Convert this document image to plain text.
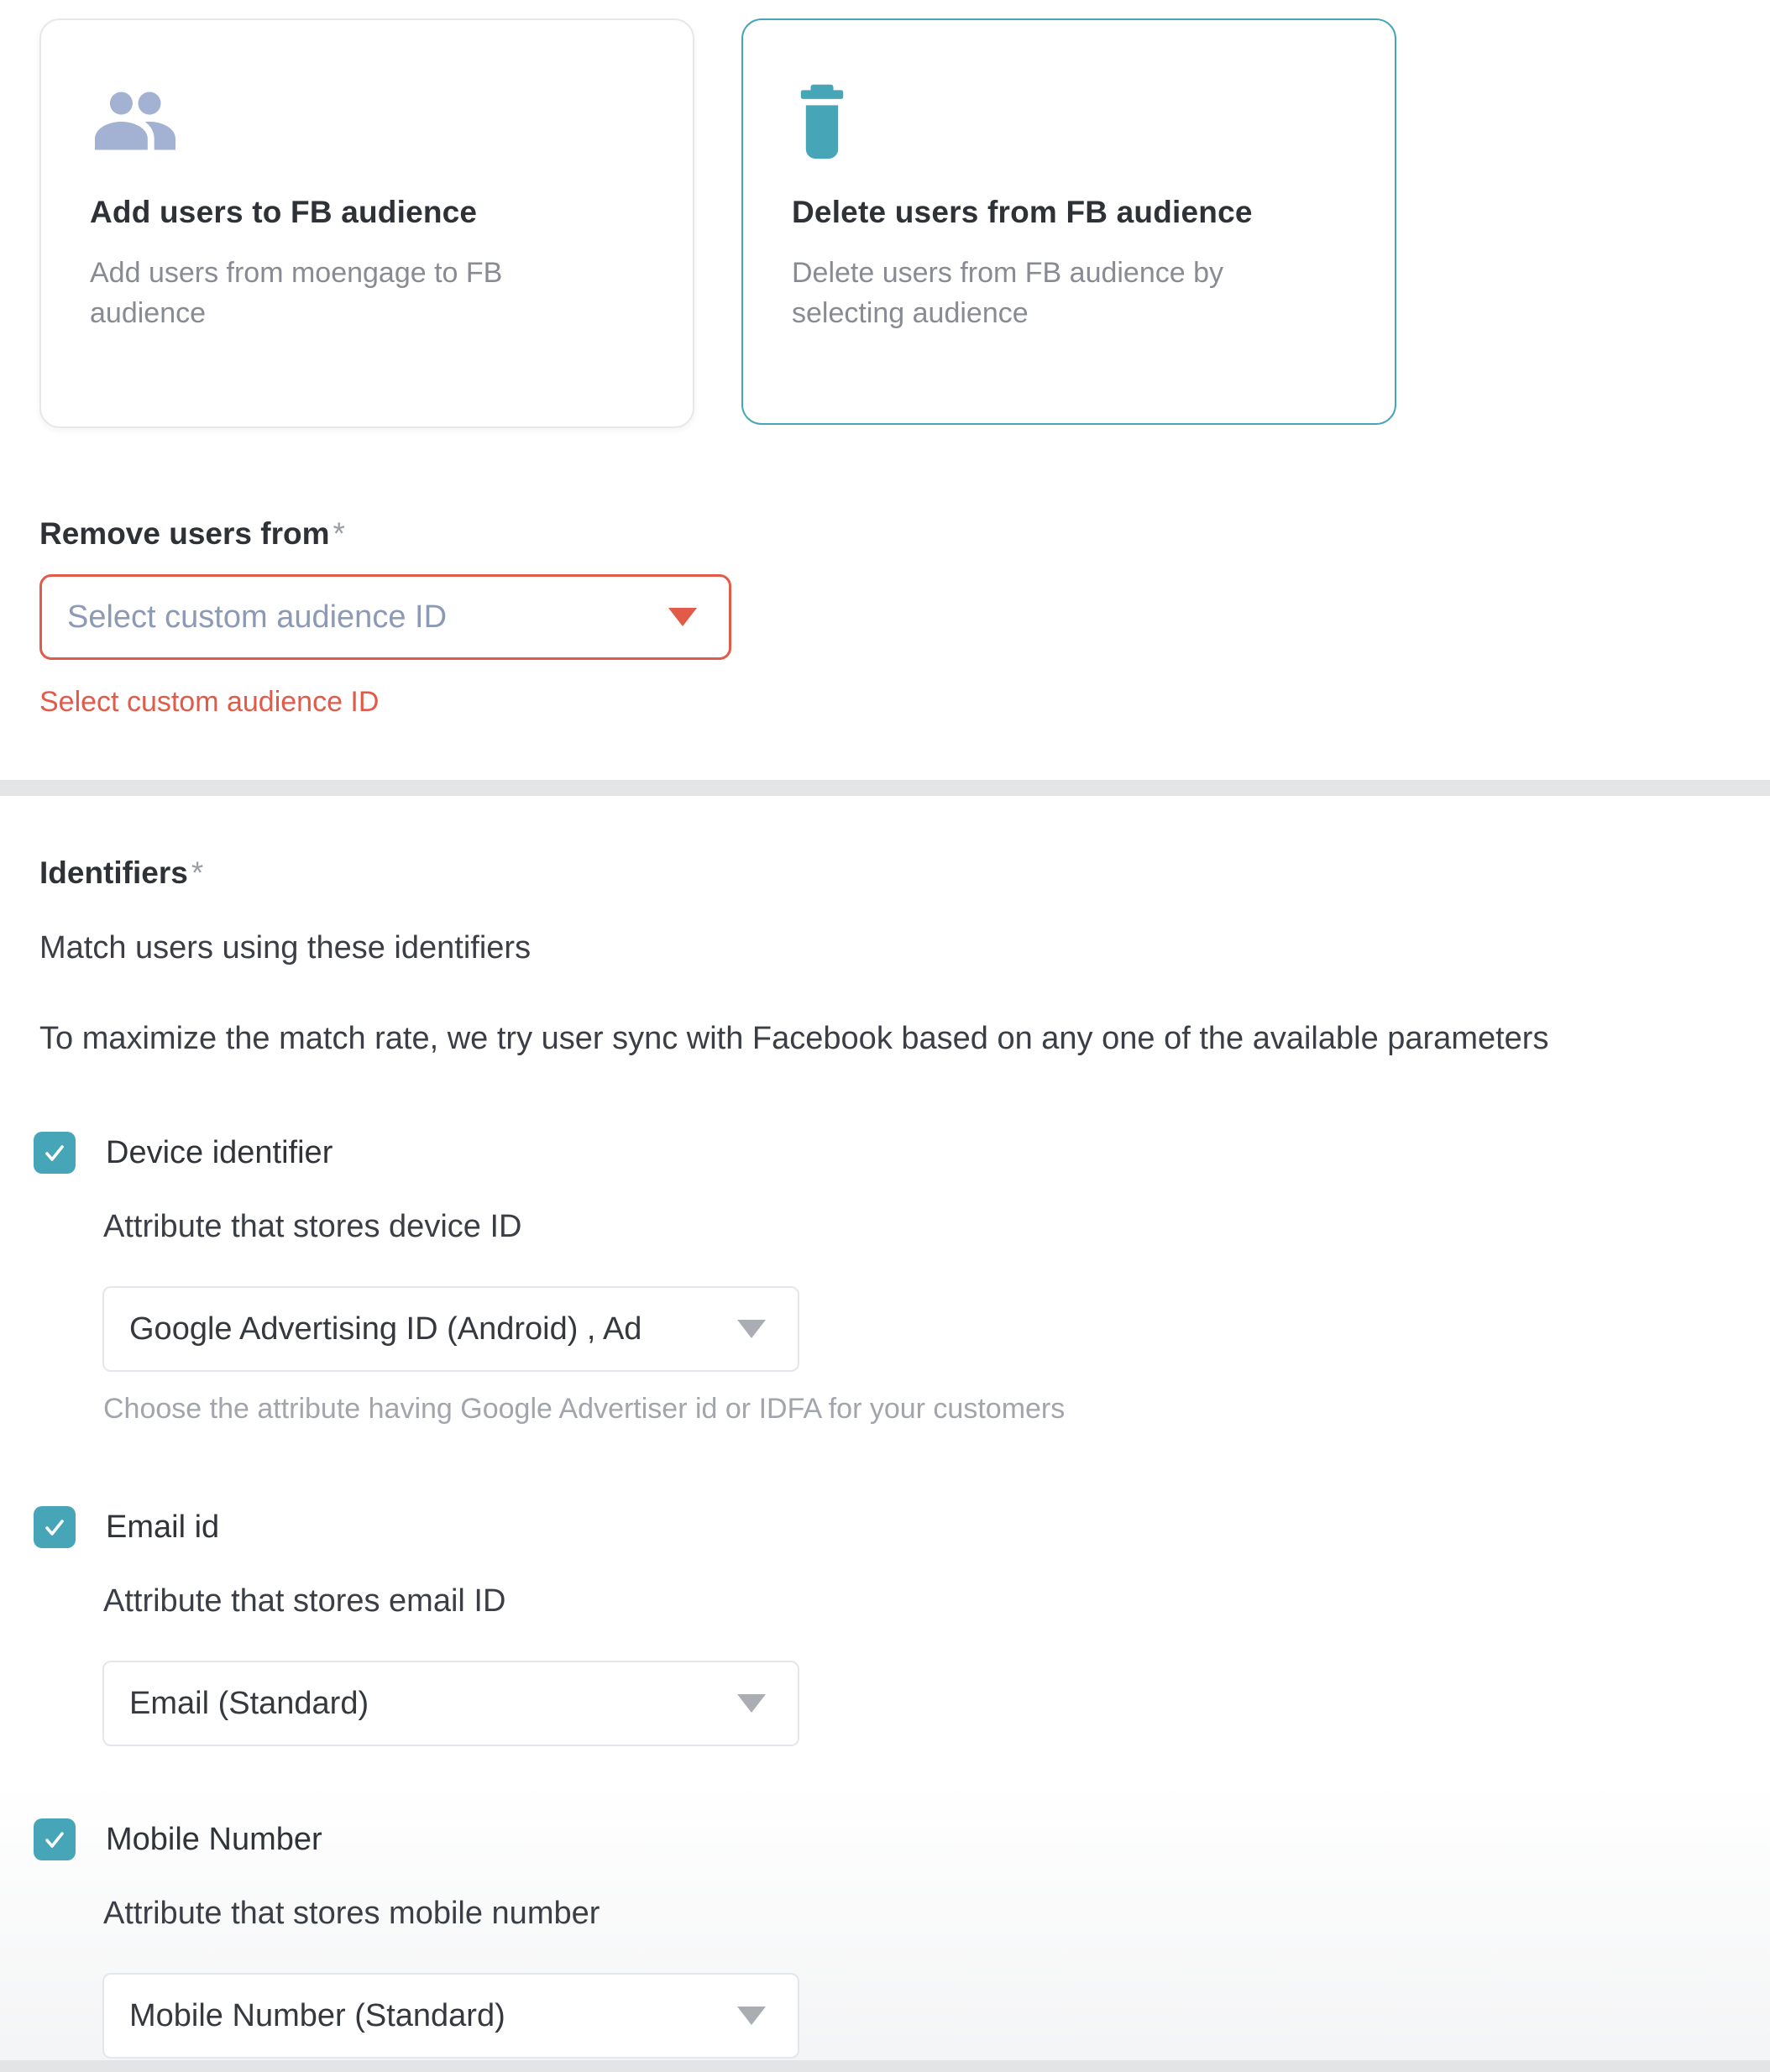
Add users to FB audience
Add users from moengage to FB audience
Delete users from FB audience
Delete users from FB audience by selecting audience
Remove users from *
Select custom audience ID
Select custom audience ID
Identifiers *
Match users using these identifiers
To maximize the match rate, we try user sync with Facebook based on any one of the available parameters
Device identifier
Attribute that stores device ID
Google Advertising ID (Android) , Ad
Choose the attribute having Google Advertiser id or IDFA for your customers
Email id
Attribute that stores email ID
Email (Standard)
Mobile Number
Attribute that stores mobile number
Mobile Number (Standard)
